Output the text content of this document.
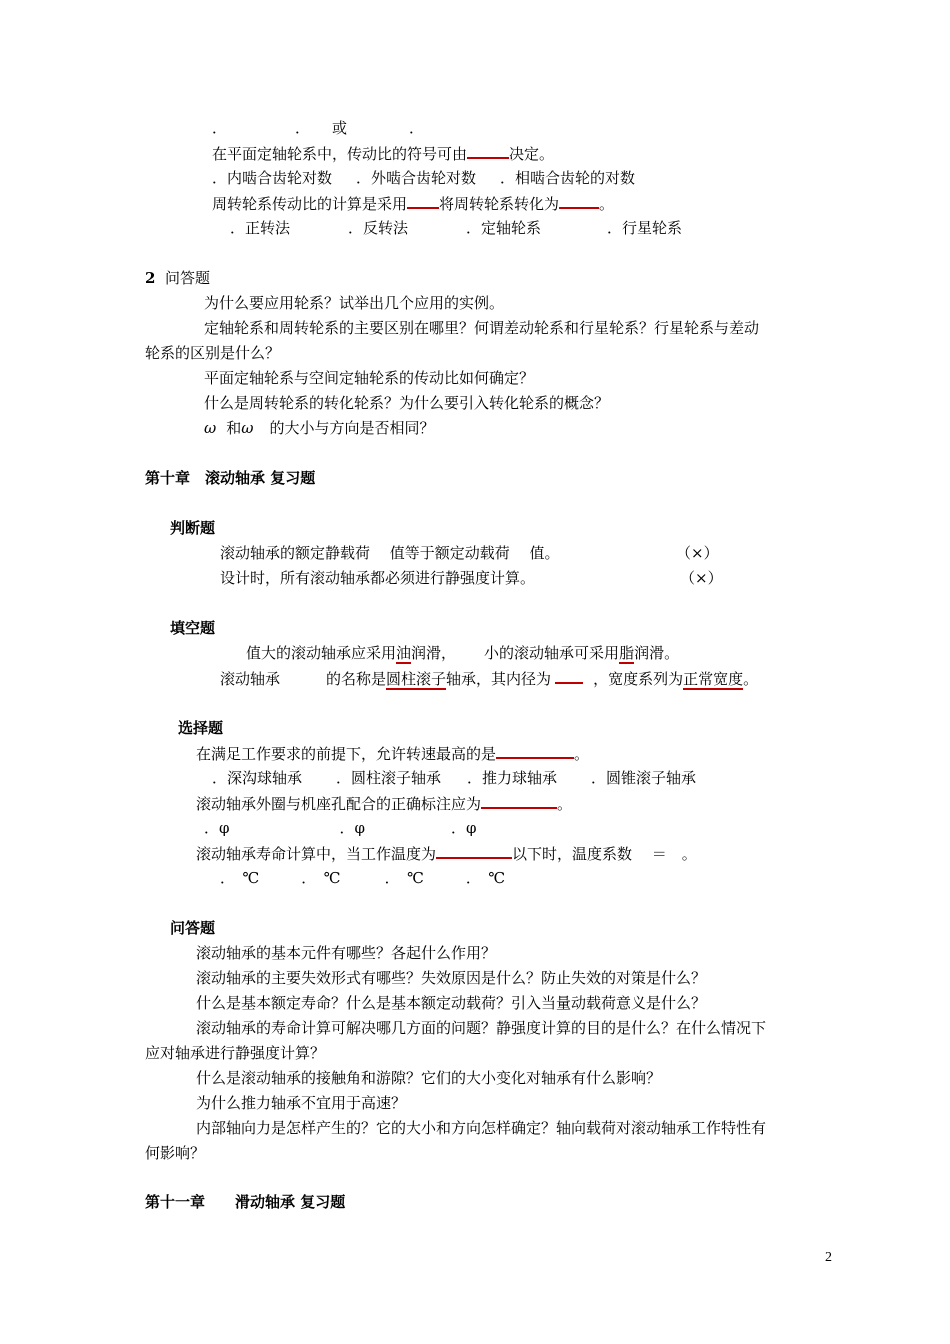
．	． 或	．
在平面定轴轮系中，传动比的符号可由	决定。
．内啮合齿轮对数 ．外啮合齿轮对数 ．相啮合齿轮的对数
周转轮系传动比的计算是采用 将周转轮系转化为	。
．正转法	．反转法	．定轴轮系	．行星轮系
2 问答题
为什么要应用轮系？试举出几个应用的实例。
定轴轮系和周转轮系的主要区别在哪里？何谓差动轮系和行星轮系？行星轮系与差动
轮系的区别是什么？
平面定轴轮系与空间定轴轮系的传动比如何确定？
什么是周转轮系的转化轮系？为什么要引入转化轮系的概念？
ω 和ω 的大小与方向是否相同？
第十章　滚动轴承 复习题
判断题
滚动轴承的额定静载荷　 值等于额定动载荷　 值。	（×）
设计时，所有滚动轴承都必须进行静强度计算。	（×）
填空题
值大的滚动轴承应采用油润滑， 小的滚动轴承可采用脂润滑。
滚动轴承	的名称是圆柱滚子轴承，其内径为	，宽度系列为正常宽度。
选择题
在满足工作要求的前提下，允许转速最高的是	。
．深沟球轴承 ．圆柱滚子轴承 ．推力球轴承 ．圆锥滚子轴承
滚动轴承外圈与机座孔配合的正确标注应为	。
．φ	．φ	．φ
滚动轴承寿命计算中，当工作温度为	以下时，温度系数　 ＝　。
．　℃	．　℃	．　℃	．　℃
问答题
滚动轴承的基本元件有哪些？各起什么作用？
滚动轴承的主要失效形式有哪些？失效原因是什么？防止失效的对策是什么？
什么是基本额定寿命？什么是基本额定动载荷？引入当量动载荷意义是什么？
滚动轴承的寿命计算可解决哪几方面的问题？静强度计算的目的是什么？在什么情况下
应对轴承进行静强度计算？
什么是滚动轴承的接触角和游隙？它们的大小变化对轴承有什么影响？
为什么推力轴承不宜用于高速？
内部轴向力是怎样产生的？它的大小和方向怎样确定？轴向载荷对滚动轴承工作特性有
何影响？
第十一章　　滑动轴承 复习题
2
